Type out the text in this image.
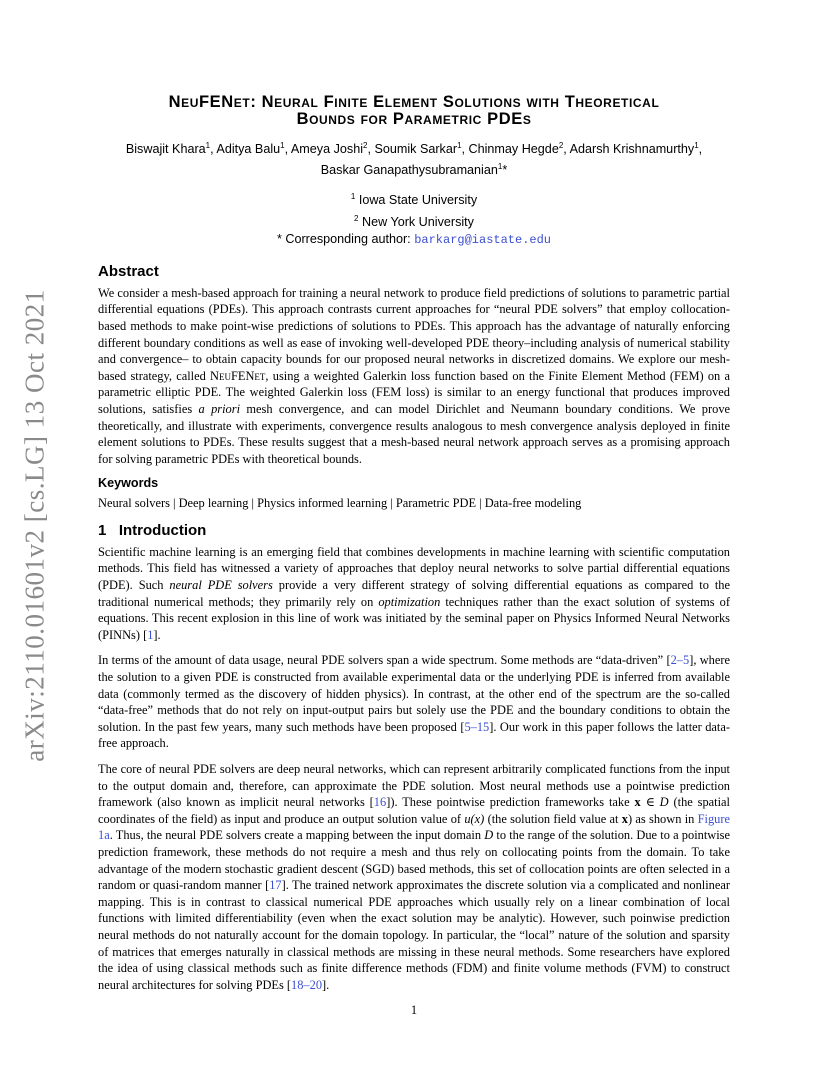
arXiv:2110.01601v2 [cs.LG] 13 Oct 2021
NeuFENet: Neural Finite Element Solutions with Theoretical
Bounds for Parametric PDEs
Biswajit Khara$^1$, Aditya Balu$^1$, Ameya Joshi$^2$, Soumik Sarkar$^1$, Chinmay Hegde$^2$, Adarsh Krishnamurthy$^1$,
Baskar Ganapathysubramanian$^1$*
$^1$ Iowa State University
$^2$ New York University
* Corresponding author: barkarg@iastate.edu
Abstract

We consider a mesh-based approach for training a neural network to produce field predictions of solutions to parametric partial differential equations (PDEs). This approach contrasts current approaches for “neural PDE solvers” that employ collocation-based methods to make point-wise predictions of solutions to PDEs. This approach has the advantage of naturally enforcing different boundary conditions as well as ease of invoking well-developed PDE theory–including analysis of numerical stability and convergence– to obtain capacity bounds for our proposed neural networks in discretized domains. We explore our mesh-based strategy, called NeuFENet, using a weighted Galerkin loss function based on the Finite Element Method (FEM) on a parametric elliptic PDE. The weighted Galerkin loss (FEM loss) is similar to an energy functional that produces improved solutions, satisfies a priori mesh convergence, and can model Dirichlet and Neumann boundary conditions. We prove theoretically, and illustrate with experiments, convergence results analogous to mesh convergence analysis deployed in finite element solutions to PDEs. These results suggest that a mesh-based neural network approach serves as a promising approach for solving parametric PDEs with theoretical bounds.

Keywords

Neural solvers | Deep learning | Physics informed learning | Parametric PDE | Data-free modeling

1   Introduction

Scientific machine learning is an emerging field that combines developments in machine learning with scientific computation methods. This field has witnessed a variety of approaches that deploy neural networks to solve partial differential equations (PDE). Such neural PDE solvers provide a very different strategy of solving differential equations as compared to the traditional numerical methods; they primarily rely on optimization techniques rather than the exact solution of systems of equations. This recent explosion in this line of work was initiated by the seminal paper on Physics Informed Neural Networks (PINNs) [1].

In terms of the amount of data usage, neural PDE solvers span a wide spectrum. Some methods are “data-driven” [2–5], where the solution to a given PDE is constructed from available experimental data or the underlying PDE is inferred from available data (commonly termed as the discovery of hidden physics). In contrast, at the other end of the spectrum are the so-called “data-free” methods that do not rely on input-output pairs but solely use the PDE and the boundary conditions to obtain the solution. In the past few years, many such methods have been proposed [5–15]. Our work in this paper follows the latter data-free approach.

The core of neural PDE solvers are deep neural networks, which can represent arbitrarily complicated functions from the input to the output domain and, therefore, can approximate the PDE solution. Most neural methods use a pointwise prediction framework (also known as implicit neural networks [16]). These pointwise prediction frameworks take x ∈ D (the spatial coordinates of the field) as input and produce an output solution value of u(x) (the solution field value at x) as shown in Figure 1a. Thus, the neural PDE solvers create a mapping between the input domain D to the range of the solution. Due to a pointwise prediction framework, these methods do not require a mesh and thus rely on collocating points from the domain. To take advantage of the modern stochastic gradient descent (SGD) based methods, this set of collocation points are often selected in a random or quasi-random manner [17]. The trained network approximates the discrete solution via a complicated and nonlinear mapping. This is in contrast to classical numerical PDE approaches which usually rely on a linear combination of local functions with limited differentiability (even when the exact solution may be analytic). However, such poinwise prediction neural methods do not naturally account for the domain topology. In particular, the “local” nature of the solution and sparsity of matrices that emerges naturally in classical methods are missing in these neural methods. Some researchers have explored the idea of using classical methods such as finite difference methods (FDM) and finite volume methods (FVM) to construct neural architectures for solving PDEs [18–20].

1
